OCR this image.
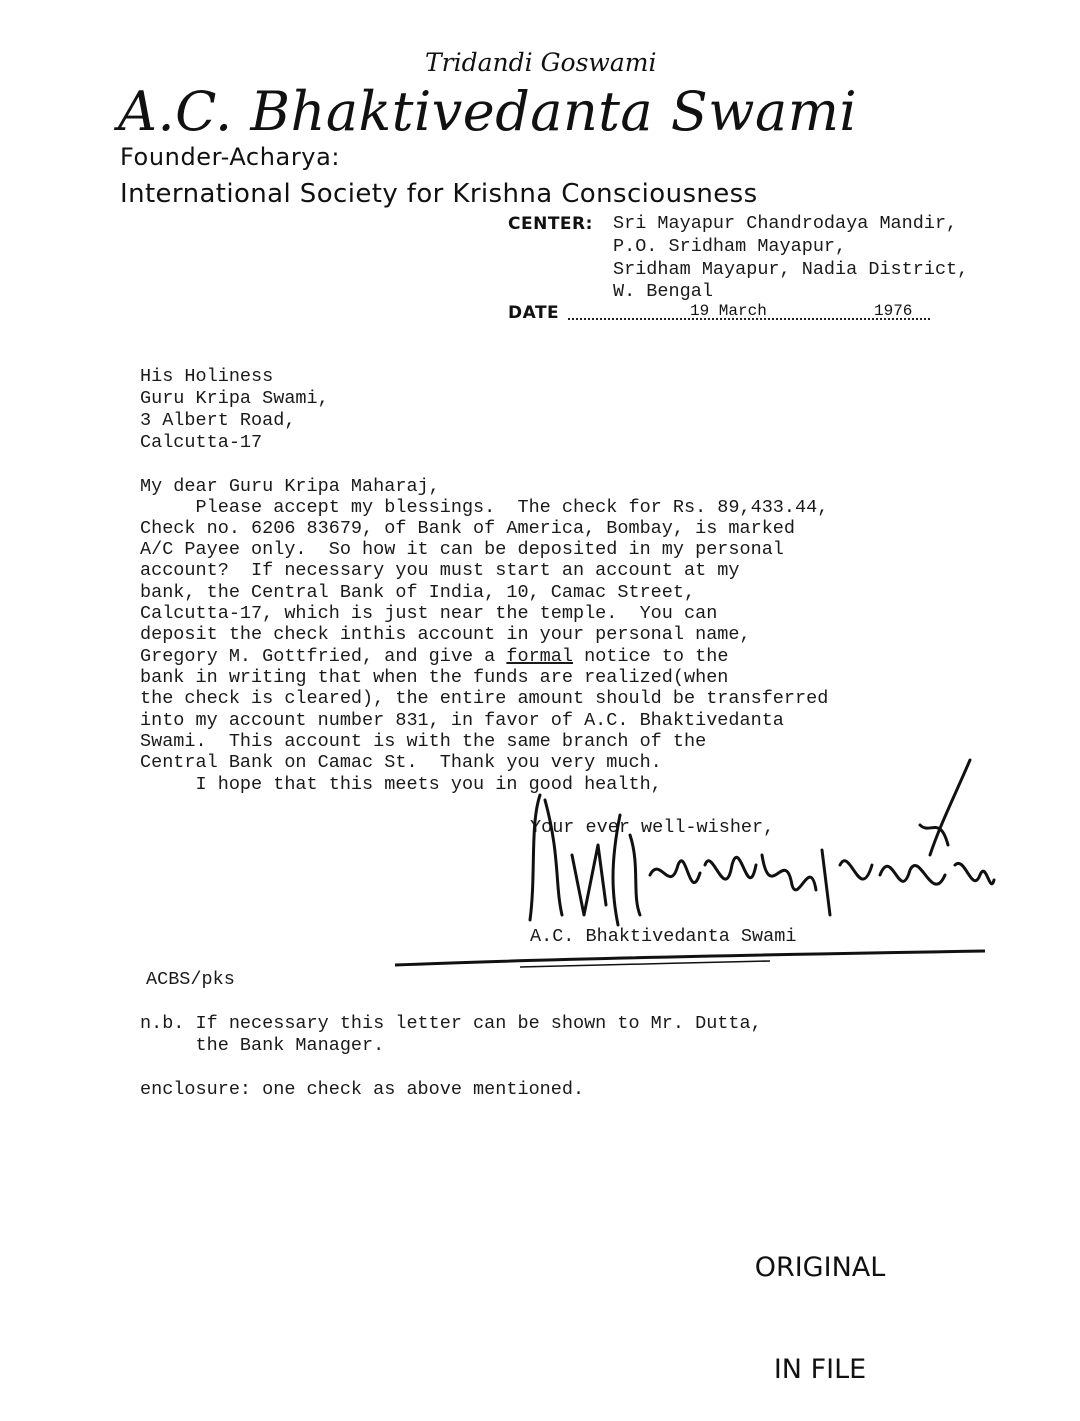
Tridandi Goswami
A.C. Bhaktivedanta Swami
Founder-Acharya:
International Society for Krishna Consciousness
CENTER: Sri Mayapur Chandrodaya Mandir,
P.O. Sridham Mayapur,
Sridham Mayapur, Nadia District,
W. Bengal
DATE	19 March	1976
His Holiness
Guru Kripa Swami,
3 Albert Road,
Calcutta-17
My dear Guru Kripa Maharaj,
Please accept my blessings.  The check for Rs. 89,433.44,
Check no. 6206 83679, of Bank of America, Bombay, is marked
A/C Payee only.  So how it can be deposited in my personal
account?  If necessary you must start an account at my
bank, the Central Bank of India, 10, Camac Street,
Calcutta-17, which is just near the temple.  You can
deposit the check inthis account in your personal name,
Gregory M. Gottfried, and give a formal notice to the
bank in writing that when the funds are realized(when
the check is cleared), the entire amount should be transferred
into my account number 831, in favor of A.C. Bhaktivedanta
Swami.  This account is with the same branch of the
Central Bank on Camac St.  Thank you very much.
I hope that this meets you in good health,
Your ever well-wisher,
A.C. Bhaktivedanta Swami
ACBS/pks
n.b. If necessary this letter can be shown to Mr. Dutta,
the Bank Manager.
enclosure: one check as above mentioned.

ORIGINAL

IN FILE
